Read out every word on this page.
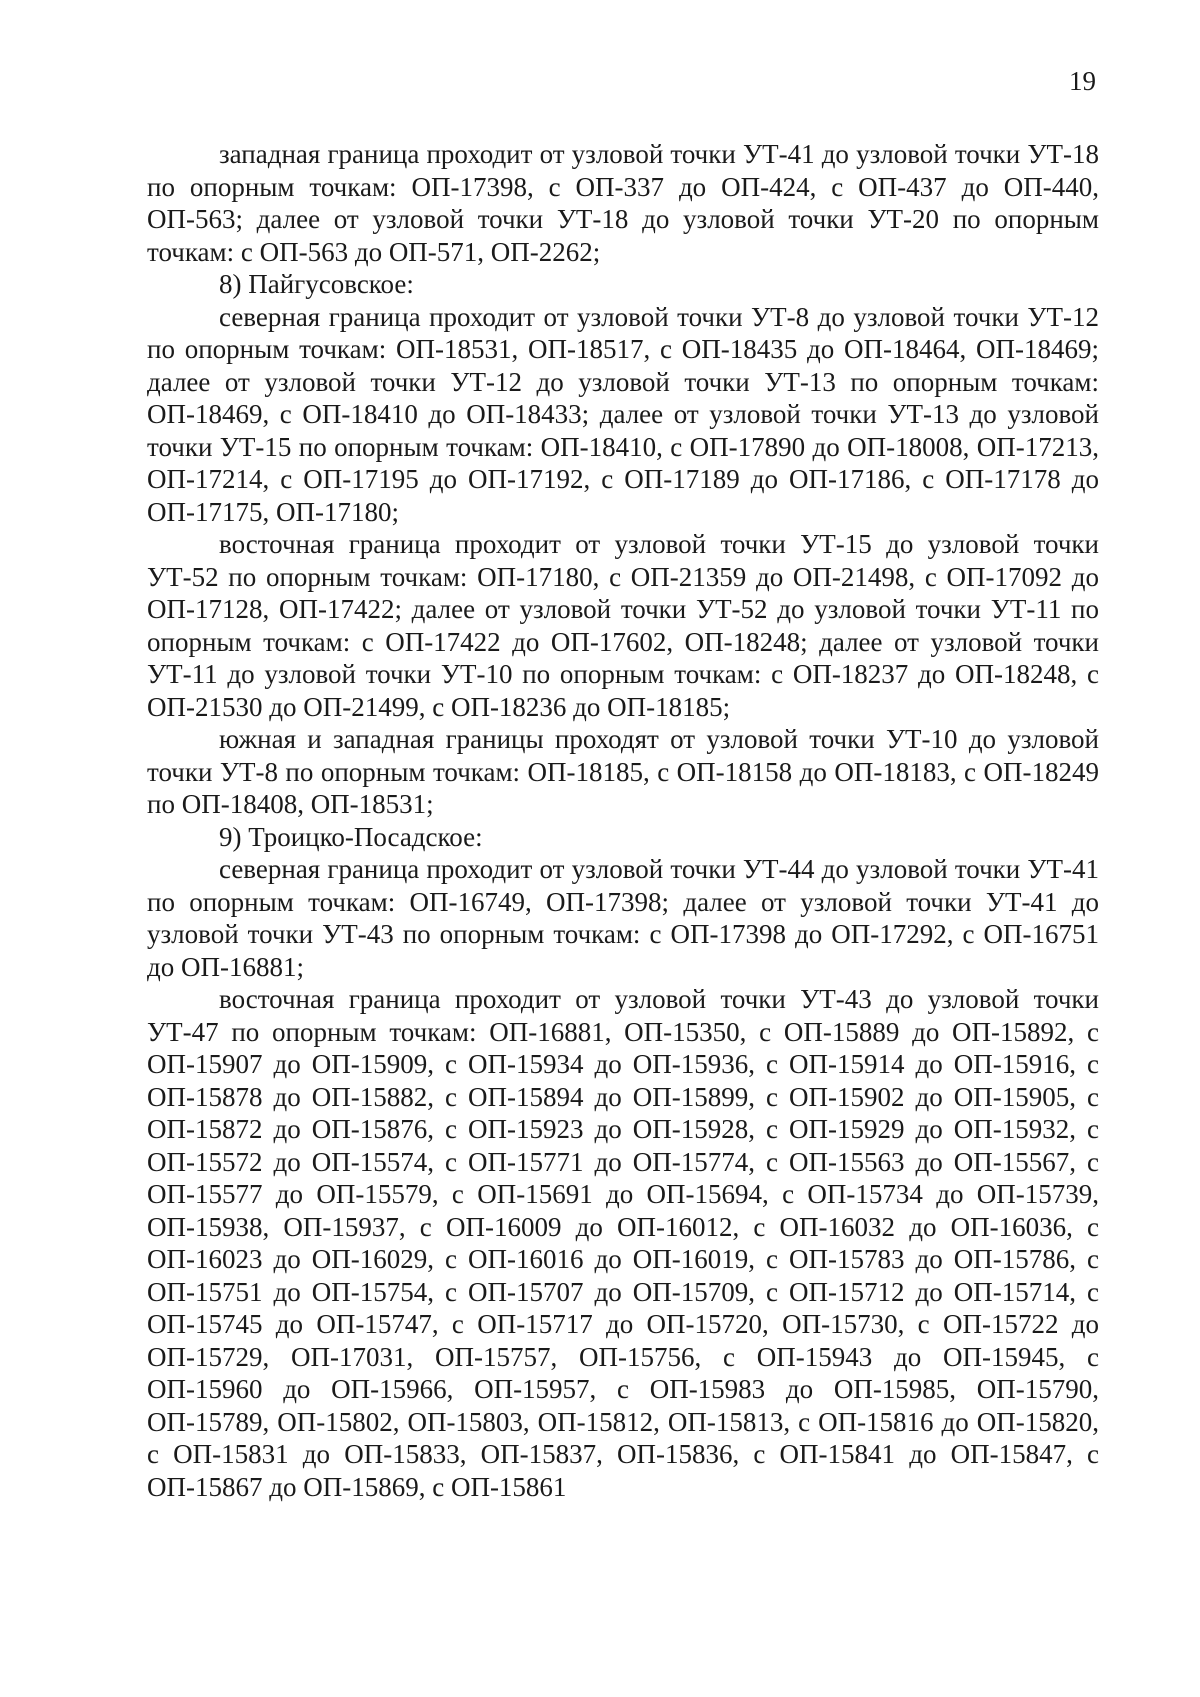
19

западная граница проходит от узловой точки УТ-41 до узловой точки УТ-18 по опорным точкам: ОП-17398, с ОП-337 до ОП-424, с ОП-437 до ОП-440, ОП-563; далее от узловой точки УТ-18 до узловой точки УТ-20 по опорным точкам: с ОП-563 до ОП-571, ОП-2262;

8) Пайгусовское:

северная граница проходит от узловой точки УТ-8 до узловой точки УТ-12 по опорным точкам: ОП-18531, ОП-18517, с ОП-18435 до ОП-18464, ОП-18469; далее от узловой точки УТ-12 до узловой точки УТ-13 по опорным точкам: ОП-18469, с ОП-18410 до ОП-18433; далее от узловой точки УТ-13 до узловой точки УТ-15 по опорным точкам: ОП-18410, с ОП-17890 до ОП-18008, ОП-17213, ОП-17214, с ОП-17195 до ОП-17192, с ОП-17189 до ОП-17186, с ОП-17178 до ОП-17175, ОП-17180;

восточная граница проходит от узловой точки УТ-15 до узловой точки УТ-52 по опорным точкам: ОП-17180, с ОП-21359 до ОП-21498, с ОП-17092 до ОП-17128, ОП-17422; далее от узловой точки УТ-52 до узловой точки УТ-11 по опорным точкам: с ОП-17422 до ОП-17602, ОП-18248; далее от узловой точки УТ-11 до узловой точки УТ-10 по опорным точкам: с ОП-18237 до ОП-18248, с ОП-21530 до ОП-21499, с ОП-18236 до ОП-18185;

южная и западная границы проходят от узловой точки УТ-10 до узловой точки УТ-8 по опорным точкам: ОП-18185, с ОП-18158 до ОП-18183, с ОП-18249 по ОП-18408, ОП-18531;

9) Троицко-Посадское:

северная граница проходит от узловой точки УТ-44 до узловой точки УТ-41 по опорным точкам: ОП-16749, ОП-17398; далее от узловой точки УТ-41 до узловой точки УТ-43 по опорным точкам: с ОП-17398 до ОП-17292, с ОП-16751 до ОП-16881;

восточная граница проходит от узловой точки УТ-43 до узловой точки УТ-47 по опорным точкам: ОП-16881, ОП-15350, с ОП-15889 до ОП-15892, с ОП-15907 до ОП-15909, с ОП-15934 до ОП-15936, с ОП-15914 до ОП-15916, с ОП-15878 до ОП-15882, с ОП-15894 до ОП-15899, с ОП-15902 до ОП-15905, с ОП-15872 до ОП-15876, с ОП-15923 до ОП-15928, с ОП-15929 до ОП-15932, с ОП-15572 до ОП-15574, с ОП-15771 до ОП-15774, с ОП-15563 до ОП-15567, с ОП-15577 до ОП-15579, с ОП-15691 до ОП-15694, с ОП-15734 до ОП-15739, ОП-15938, ОП-15937, с ОП-16009 до ОП-16012, с ОП-16032 до ОП-16036, с ОП-16023 до ОП-16029, с ОП-16016 до ОП-16019, с ОП-15783 до ОП-15786, с ОП-15751 до ОП-15754, с ОП-15707 до ОП-15709, с ОП-15712 до ОП-15714, с ОП-15745 до ОП-15747, с ОП-15717 до ОП-15720, ОП-15730, с ОП-15722 до ОП-15729, ОП-17031, ОП-15757, ОП-15756, с ОП-15943 до ОП-15945, с ОП-15960 до ОП-15966, ОП-15957, с ОП-15983 до ОП-15985, ОП-15790, ОП-15789, ОП-15802, ОП-15803, ОП-15812, ОП-15813, с ОП-15816 до ОП-15820, с ОП-15831 до ОП-15833, ОП-15837, ОП-15836, с ОП-15841 до ОП-15847, с ОП-15867 до ОП-15869, с ОП-15861
